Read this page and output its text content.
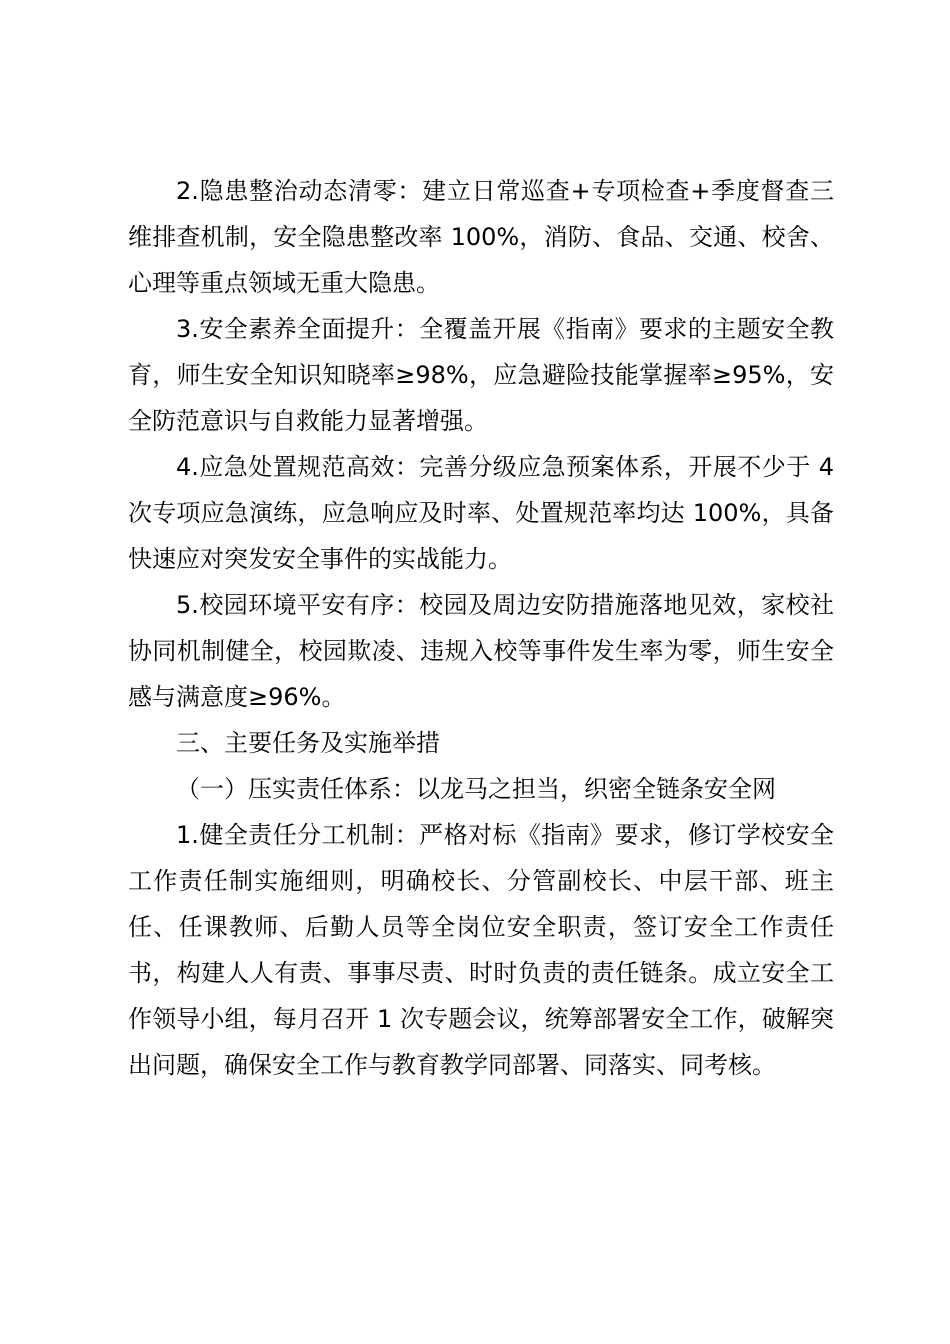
2.隐患整治动态清零：建立日常巡查+专项检查+季度督查三维排查机制，安全隐患整改率 100%，消防、食品、交通、校舍、心理等重点领域无重大隐患。

3.安全素养全面提升：全覆盖开展《指南》要求的主题安全教育，师生安全知识知晓率≥98%，应急避险技能掌握率≥95%，安全防范意识与自救能力显著增强。

4.应急处置规范高效：完善分级应急预案体系，开展不少于 4 次专项应急演练，应急响应及时率、处置规范率均达 100%，具备快速应对突发安全事件的实战能力。

5.校园环境平安有序：校园及周边安防措施落地见效，家校社协同机制健全，校园欺凌、违规入校等事件发生率为零，师生安全感与满意度≥96%。

三、主要任务及实施举措

（一）压实责任体系：以龙马之担当，织密全链条安全网

1.健全责任分工机制：严格对标《指南》要求，修订学校安全工作责任制实施细则，明确校长、分管副校长、中层干部、班主任、任课教师、后勤人员等全岗位安全职责，签订安全工作责任书，构建人人有责、事事尽责、时时负责的责任链条。成立安全工作领导小组，每月召开 1 次专题会议，统筹部署安全工作，破解突出问题，确保安全工作与教育教学同部署、同落实、同考核。
